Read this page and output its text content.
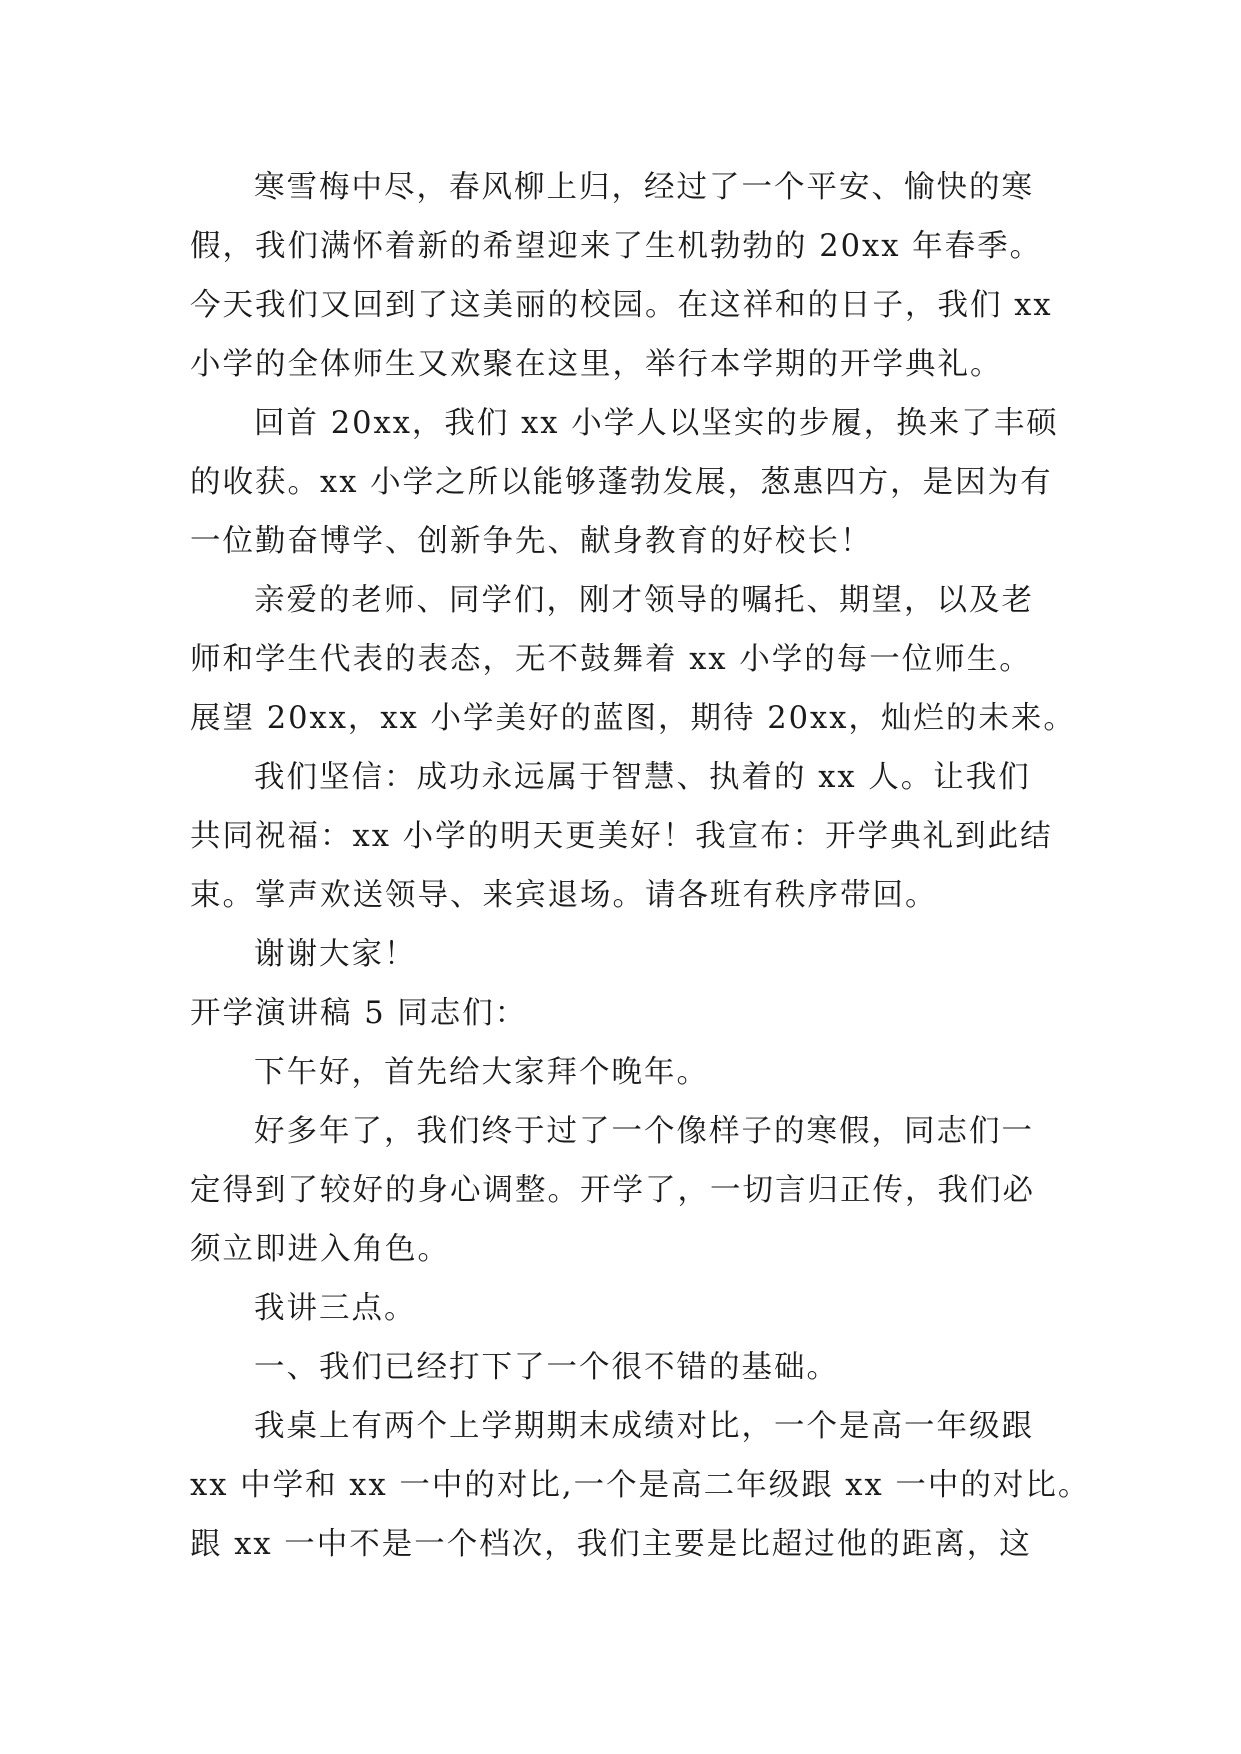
寒雪梅中尽，春风柳上归，经过了一个平安、愉快的寒

假，我们满怀着新的希望迎来了生机勃勃的 20xx 年春季。

今天我们又回到了这美丽的校园。在这祥和的日子，我们 xx

小学的全体师生又欢聚在这里，举行本学期的开学典礼。

回首 20xx，我们 xx 小学人以坚实的步履，换来了丰硕

的收获。xx 小学之所以能够蓬勃发展，葱惠四方，是因为有

一位勤奋博学、创新争先、献身教育的好校长！

亲爱的老师、同学们，刚才领导的嘱托、期望，以及老

师和学生代表的表态，无不鼓舞着 xx 小学的每一位师生。

展望 20xx，xx 小学美好的蓝图，期待 20xx，灿烂的未来。

我们坚信：成功永远属于智慧、执着的 xx 人。让我们

共同祝福：xx 小学的明天更美好！我宣布：开学典礼到此结

束。掌声欢送领导、来宾退场。请各班有秩序带回。

谢谢大家！

开学演讲稿 5 同志们：

下午好，首先给大家拜个晚年。

好多年了，我们终于过了一个像样子的寒假，同志们一

定得到了较好的身心调整。开学了，一切言归正传，我们必

须立即进入角色。

我讲三点。

一、我们已经打下了一个很不错的基础。

我桌上有两个上学期期末成绩对比，一个是高一年级跟

xx 中学和 xx 一中的对比,一个是高二年级跟 xx 一中的对比。

跟 xx 一中不是一个档次，我们主要是比超过他的距离，这
